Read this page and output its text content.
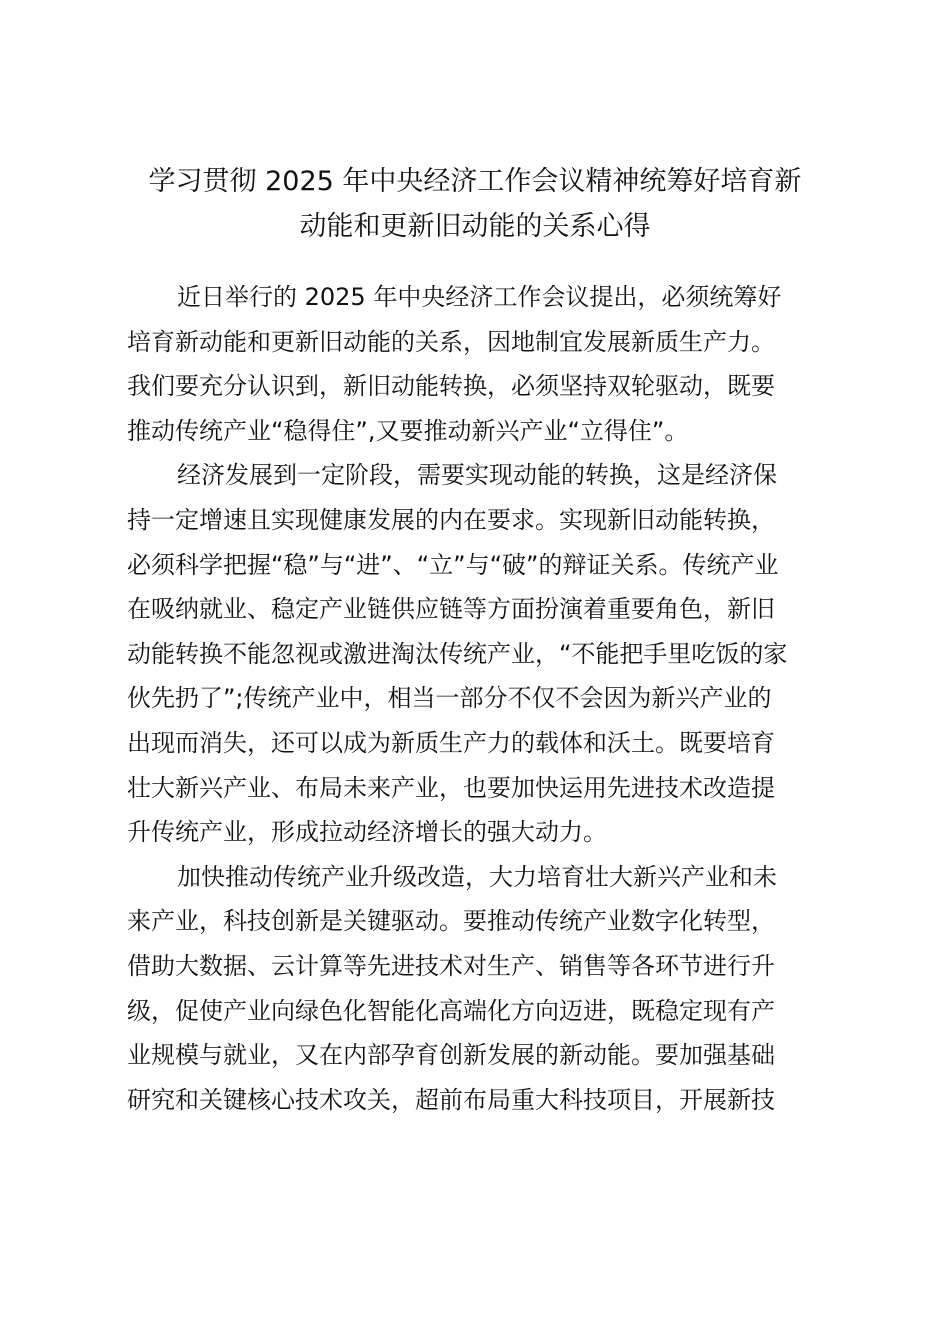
学习贯彻 2025 年中央经济工作会议精神统筹好培育新
动能和更新旧动能的关系心得
近日举行的 2025 年中央经济工作会议提出，必须统筹好
培育新动能和更新旧动能的关系，因地制宜发展新质生产力。
我们要充分认识到，新旧动能转换，必须坚持双轮驱动，既要
推动传统产业“稳得住”,又要推动新兴产业“立得住”。
经济发展到一定阶段，需要实现动能的转换，这是经济保
持一定增速且实现健康发展的内在要求。实现新旧动能转换，
必须科学把握“稳”与“进”、“立”与“破”的辩证关系。传统产业
在吸纳就业、稳定产业链供应链等方面扮演着重要角色，新旧
动能转换不能忽视或激进淘汰传统产业，“不能把手里吃饭的家
伙先扔了”;传统产业中，相当一部分不仅不会因为新兴产业的
出现而消失，还可以成为新质生产力的载体和沃土。既要培育
壮大新兴产业、布局未来产业，也要加快运用先进技术改造提
升传统产业，形成拉动经济增长的强大动力。
加快推动传统产业升级改造，大力培育壮大新兴产业和未
来产业，科技创新是关键驱动。要推动传统产业数字化转型，
借助大数据、云计算等先进技术对生产、销售等各环节进行升
级，促使产业向绿色化智能化高端化方向迈进，既稳定现有产
业规模与就业，又在内部孕育创新发展的新动能。要加强基础
研究和关键核心技术攻关，超前布局重大科技项目，开展新技
